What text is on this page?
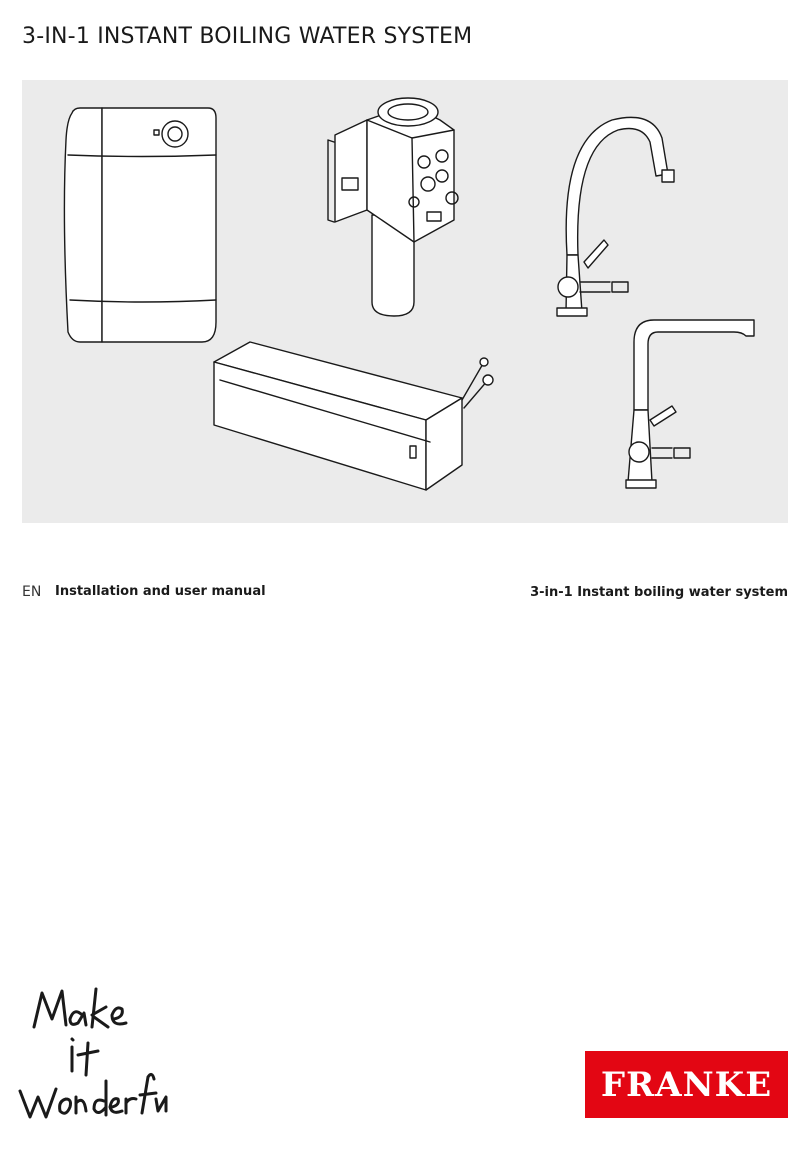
3-IN-1 INSTANT BOILING WATER SYSTEM
EN Installation and user manual	3-in-1 Instant boiling water system
FRANKE
